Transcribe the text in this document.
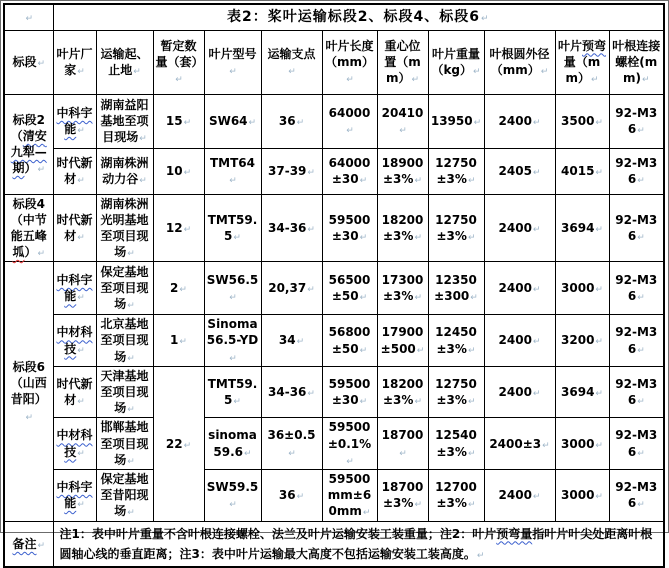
↵	表2：桨叶运输标段2、标段4、标段6 ↵
标段 ↵	叶片厂家 ↵	运输起、止地 ↵	暂定数量（套） ↵	叶片型号 ↵	运输支点 ↵	叶片长度（mm） ↵	重心位置（mm） ↵	叶片重量（kg） ↵	叶根圆外径（mm） ↵	叶片预弯量（mm） ↵	叶根连接螺栓(mm) ↵
标段2（清安九犁—期） ↵	中科宇能 ↵	湖南益阳基地至项目现场 ↵	15 ↵	SW64 ↵	36 ↵	64000 ↵	20410 ↵	13950 ↵	2400 ↵	3500 ↵	92-M36 ↵
	时代新材 ↵	湖南株洲动力谷 ↵	10 ↵	TMT64 ↵	37-39 ↵	64000±30 ↵	18900±3% ↵	12750±3% ↵	2405 ↵	4015 ↵	92-M36 ↵
标段4（中节能五峰坬） ↵	时代新材 ↵	湖南株洲光明基地至项目现场 ↵	12 ↵	TMT59.5 ↵	34-36 ↵	59500±30 ↵	18200±3% ↵	12750±3% ↵	2400 ↵	3694 ↵	92-M36 ↵
标段6（山西昔阳） ↵	中科宇能 ↵	保定基地至项目现场 ↵	2 ↵	SW56.5 ↵	20,37 ↵	56500±50 ↵	17300±3% ↵	12350±300 ↵	2400 ↵	3000 ↵	92-M36 ↵
	中材科技 ↵	北京基地至项目现场 ↵	1 ↵	Sinoma56.5-YD ↵	34 ↵	56800±50 ↵	17900±500 ↵	12450±3% ↵	2400 ↵	3200 ↵	92-M36 ↵
	时代新材 ↵	天津基地至项目现场 ↵	22 ↵	TMT59.5 ↵	34-36 ↵	59500±30 ↵	18200±3% ↵	12750±3% ↵	2400 ↵	3694 ↵	92-M36 ↵
	中材科技 ↵	邯郸基地至项目现场 ↵		sinoma59.6 ↵	36±0.5 ↵	59500±0.1% ↵	18700 ↵	12540±3% ↵	2400±3 ↵	3000 ↵	92-M36 ↵
	中科宇能 ↵	保定基地至昔阳现场 ↵		SW59.5 ↵	36 ↵	59500mm±60mm ↵	18700±3% ↵	12700±3% ↵	2400 ↵	3000 ↵	92-M36 ↵
备注 ↵	注1：表中叶片重量不含叶根连接螺栓、法兰及叶片运输安装工装重量；注2：叶片预弯量指叶片叶尖处距离叶根圆轴心线的垂直距离；注3：表中叶片运输最大高度不包括运输安装工装高度。 ↵
